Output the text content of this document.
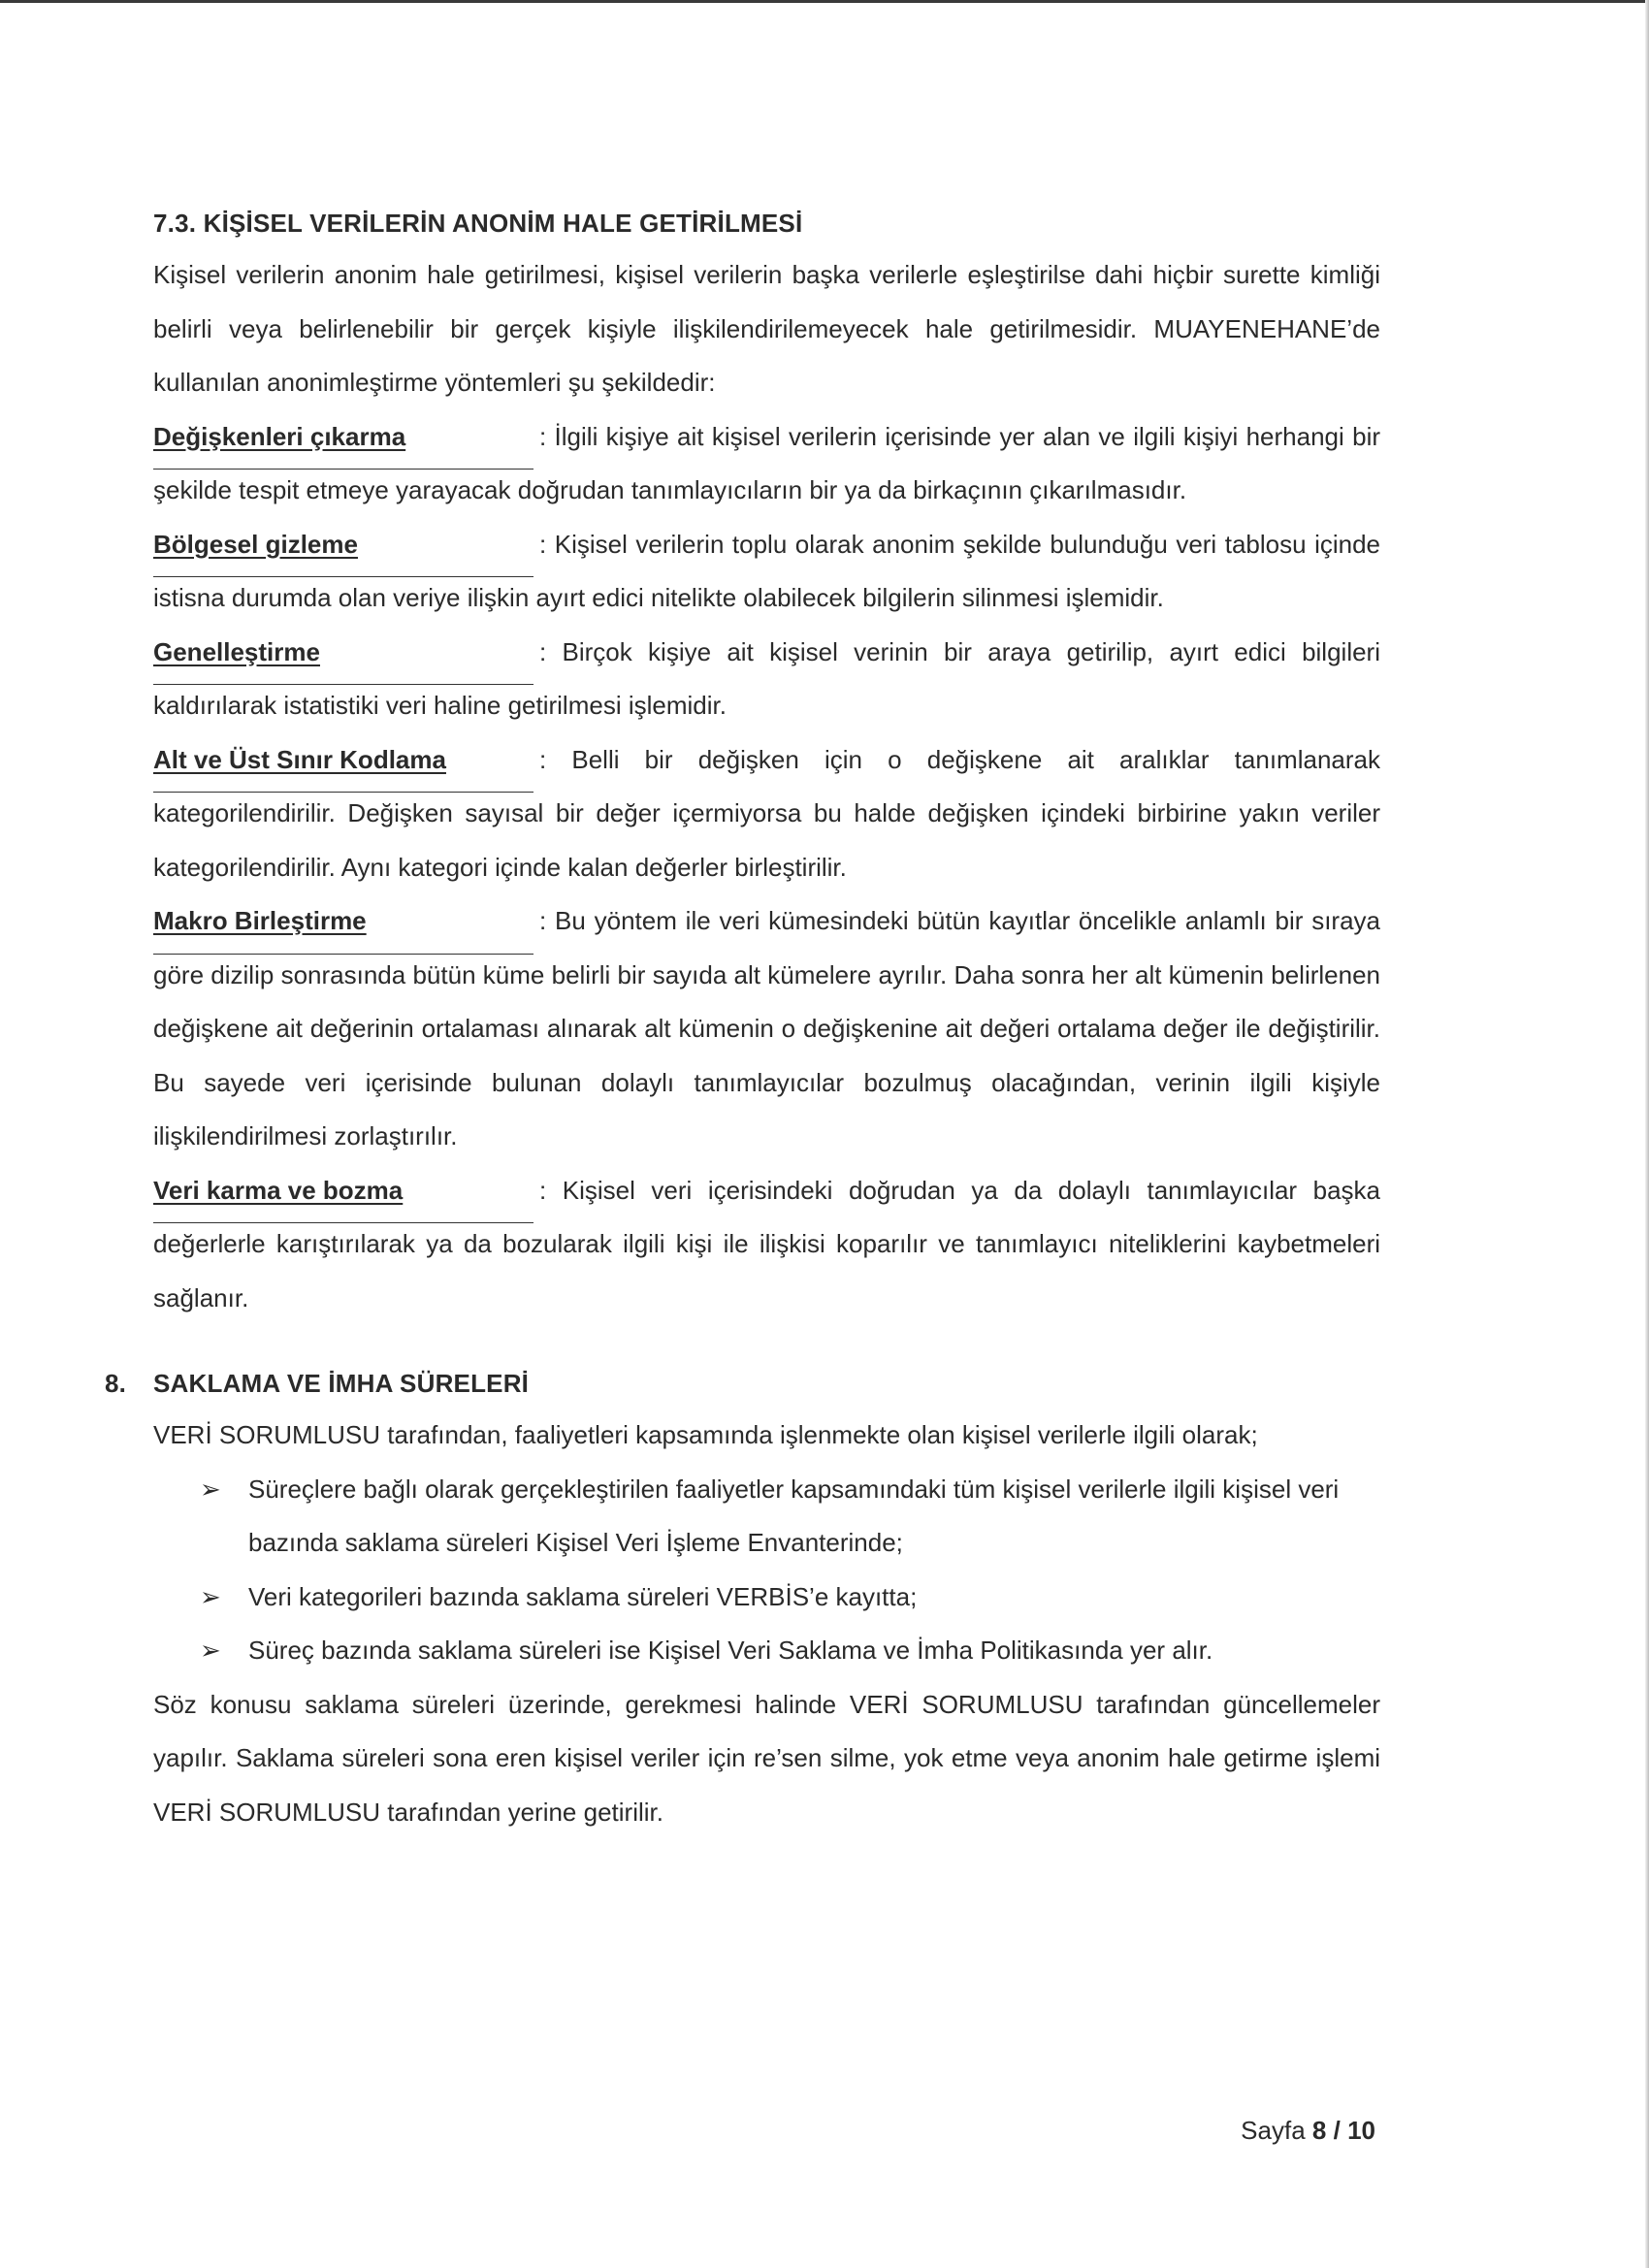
7.3. KİŞİSEL VERİLERİN ANONİM HALE GETİRİLMESİ

Kişisel verilerin anonim hale getirilmesi, kişisel verilerin başka verilerle eşleştirilse dahi hiçbir surette kimliği belirli veya belirlenebilir bir gerçek kişiyle ilişkilendirilemeyecek hale getirilmesidir. MUAYENEHANE’de kullanılan anonimleştirme yöntemleri şu şekildedir:

Değişkenleri çıkarma	: İlgili kişiye ait kişisel verilerin içerisinde yer alan ve ilgili kişiyi herhangi bir şekilde tespit etmeye yarayacak doğrudan tanımlayıcıların bir ya da birkaçının çıkarılmasıdır.

Bölgesel gizleme	: Kişisel verilerin toplu olarak anonim şekilde bulunduğu veri tablosu içinde istisna durumda olan veriye ilişkin ayırt edici nitelikte olabilecek bilgilerin silinmesi işlemidir.

Genelleştirme	: Birçok kişiye ait kişisel verinin bir araya getirilip, ayırt edici bilgileri kaldırılarak istatistiki veri haline getirilmesi işlemidir.

Alt ve Üst Sınır Kodlama	: Belli bir değişken için o değişkene ait aralıklar tanımlanarak kategorilendirilir. Değişken sayısal bir değer içermiyorsa bu halde değişken içindeki birbirine yakın veriler kategorilendirilir. Aynı kategori içinde kalan değerler birleştirilir.

Makro Birleştirme	: Bu yöntem ile veri kümesindeki bütün kayıtlar öncelikle anlamlı bir sıraya göre dizilip sonrasında bütün küme belirli bir sayıda alt kümelere ayrılır. Daha sonra her alt kümenin belirlenen değişkene ait değerinin ortalaması alınarak alt kümenin o değişkenine ait değeri ortalama değer ile değiştirilir. Bu sayede veri içerisinde bulunan dolaylı tanımlayıcılar bozulmuş olacağından, verinin ilgili kişiyle ilişkilendirilmesi zorlaştırılır.

Veri karma ve bozma	: Kişisel veri içerisindeki doğrudan ya da dolaylı tanımlayıcılar başka değerlerle karıştırılarak ya da bozularak ilgili kişi ile ilişkisi koparılır ve tanımlayıcı niteliklerini kaybetmeleri sağlanır.

8. SAKLAMA VE İMHA SÜRELERİ

VERİ SORUMLUSU tarafından, faaliyetleri kapsamında işlenmekte olan kişisel verilerle ilgili olarak;

➢ Süreçlere bağlı olarak gerçekleştirilen faaliyetler kapsamındaki tüm kişisel verilerle ilgili kişisel veri bazında saklama süreleri Kişisel Veri İşleme Envanterinde;
➢ Veri kategorileri bazında saklama süreleri VERBİS’e kayıtta;
➢ Süreç bazında saklama süreleri ise Kişisel Veri Saklama ve İmha Politikasında yer alır.

Söz konusu saklama süreleri üzerinde, gerekmesi halinde VERİ SORUMLUSU tarafından güncellemeler yapılır. Saklama süreleri sona eren kişisel veriler için re’sen silme, yok etme veya anonim hale getirme işlemi VERİ SORUMLUSU tarafından yerine getirilir.

Sayfa 8 / 10
